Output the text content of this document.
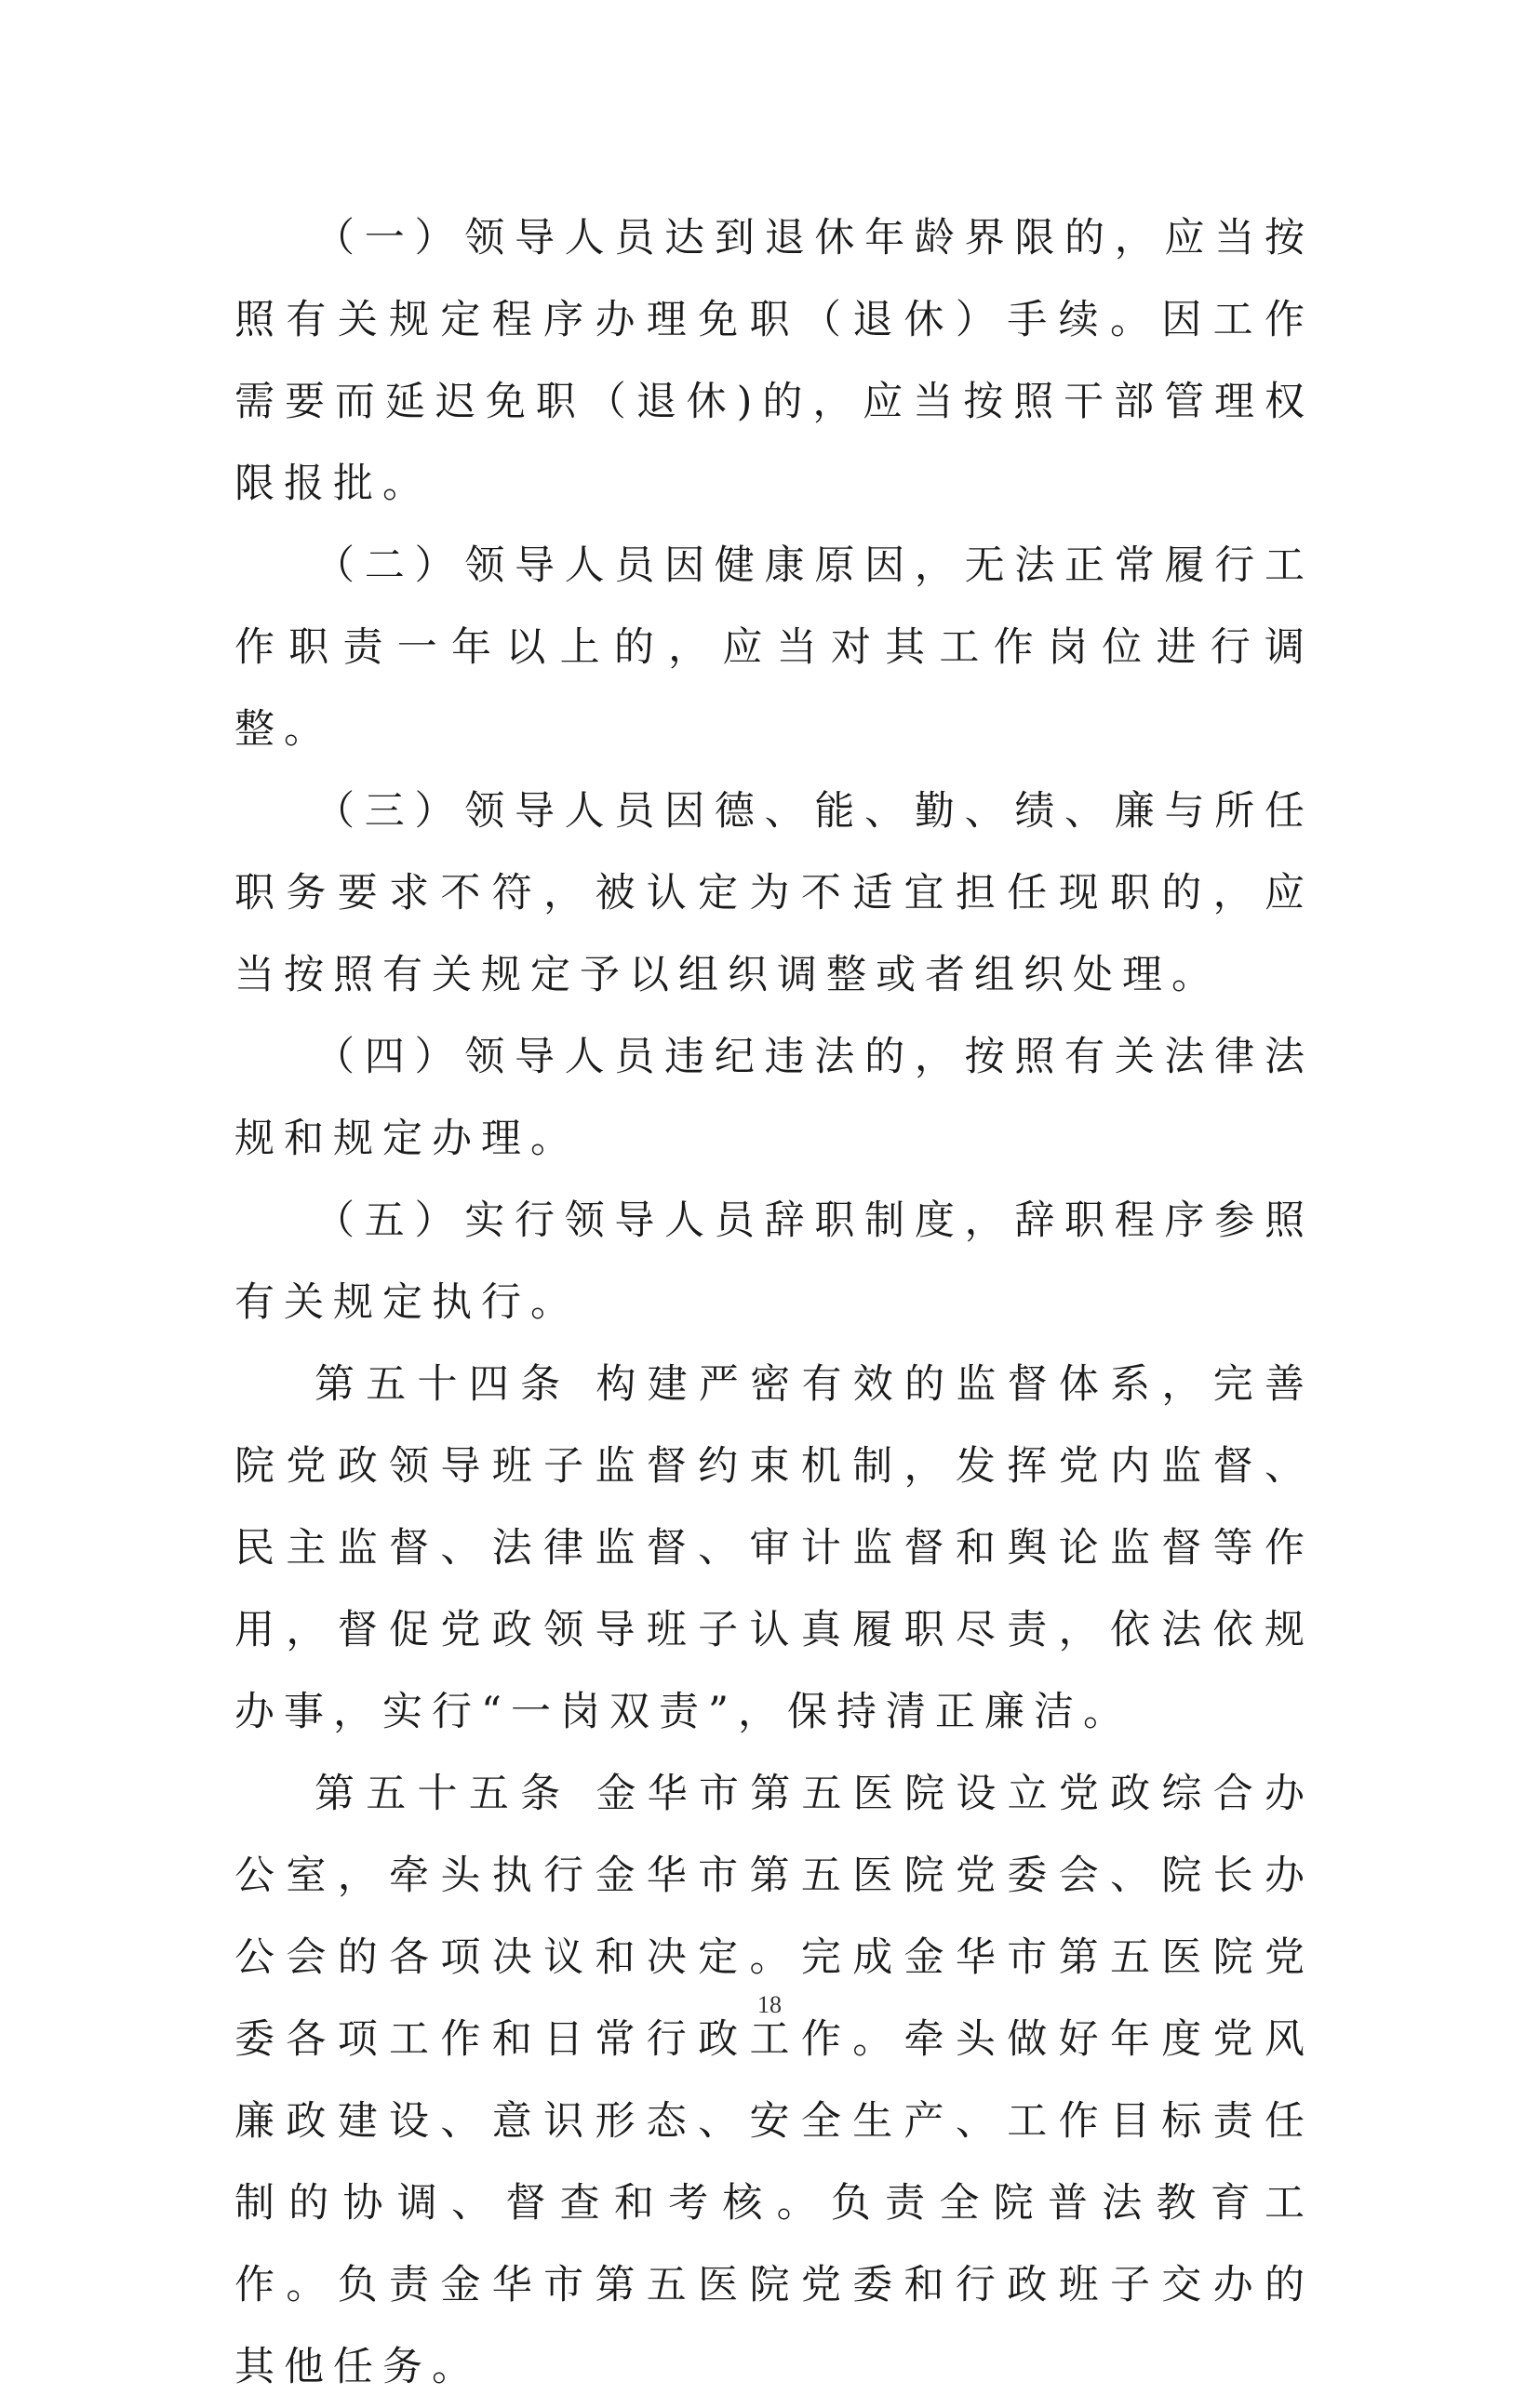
（一）领导人员达到退休年龄界限的，应当按照有关规定程序办理免职（退休）手续。因工作需要而延迟免职（退休)的，应当按照干部管理权限报批。

（二）领导人员因健康原因，无法正常履行工作职责一年以上的，应当对其工作岗位进行调整。

（三）领导人员因德、能、勤、绩、廉与所任职务要求不符，被认定为不适宜担任现职的，应当按照有关规定予以组织调整或者组织处理。

（四）领导人员违纪违法的，按照有关法律法规和规定办理。

（五）实行领导人员辞职制度，辞职程序参照有关规定执行。

第五十四条 构建严密有效的监督体系，完善院党政领导班子监督约束机制，发挥党内监督、民主监督、法律监督、审计监督和舆论监督等作用，督促党政领导班子认真履职尽责，依法依规办事，实行“一岗双责”，保持清正廉洁。

第五十五条 金华市第五医院设立党政综合办公室，牵头执行金华市第五医院党委会、院长办公会的各项决议和决定。完成金华市第五医院党委各项工作和日常行政工作。牵头做好年度党风廉政建设、意识形态、安全生产、工作目标责任制的协调、督查和考核。负责全院普法教育工作。负责金华市第五医院党委和行政班子交办的其他任务。

18
